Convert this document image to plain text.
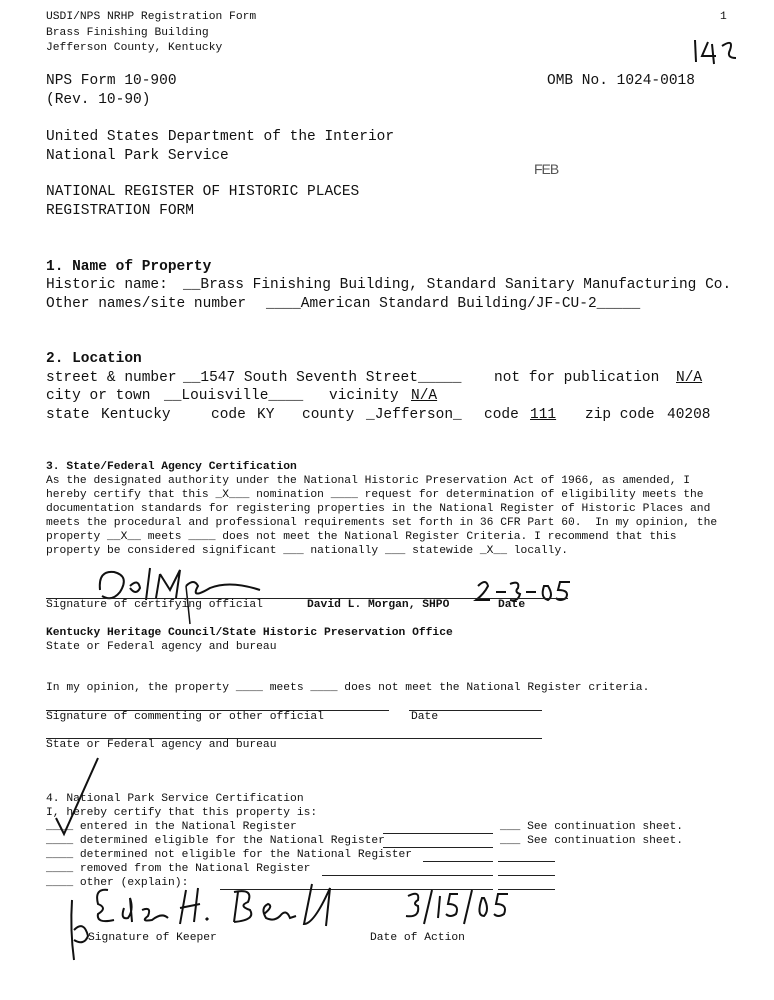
USDI/NPS NRHP Registration Form
Brass Finishing Building
Jefferson County, Kentucky
1
NPS Form 10-900	OMB No. 1024-0018
(Rev. 10-90)
United States Department of the Interior
National Park Service
NATIONAL REGISTER OF HISTORIC PLACES
REGISTRATION FORM
FEB
1. Name of Property
Historic name: __Brass Finishing Building, Standard Sanitary Manufacturing Co.
Other names/site number ____American Standard Building/JF-CU-2_____
2. Location
street & number __1547 South Seventh Street_____ not for publication N/A
city or town __Louisville____ vicinity N/A
state Kentucky	code KY county _Jefferson_ code 111 zip code 40208
3. State/Federal Agency Certification
As the designated authority under the National Historic Preservation Act of 1966, as amended, I
hereby certify that this _X___ nomination ____ request for determination of eligibility meets the
documentation standards for registering properties in the National Register of Historic Places and
meets the procedural and professional requirements set forth in 36 CFR Part 60.  In my opinion, the
property __X__ meets ____ does not meet the National Register Criteria. I recommend that this
property be considered significant ___ nationally ___ statewide _X__ locally.
Signature of certifying official	David L. Morgan, SHPO	Date
Kentucky Heritage Council/State Historic Preservation Office
State or Federal agency and bureau
In my opinion, the property ____ meets ____ does not meet the National Register criteria.
Signature of commenting or other official	Date
State or Federal agency and bureau
4. National Park Service Certification
I, hereby certify that this property is:
____ entered in the National Register
____ determined eligible for the National Register
____ determined not eligible for the National Register
____ removed from the National Register
____ other (explain):
___ See continuation sheet.
___ See continuation sheet.
Signature of Keeper	Date of Action
